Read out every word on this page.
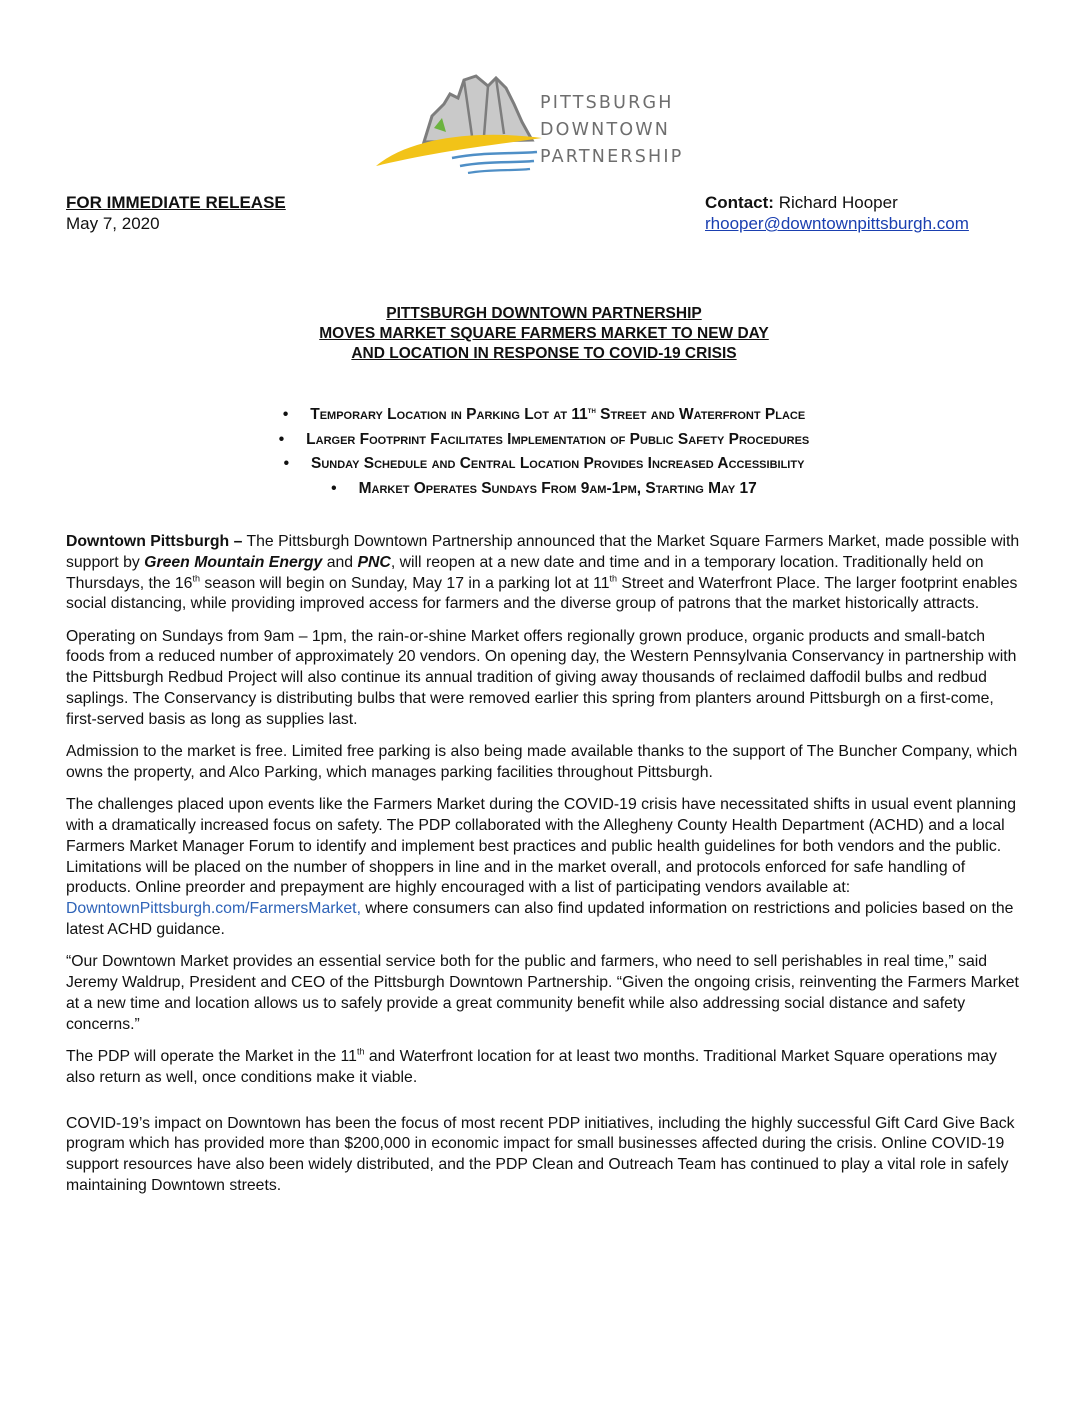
PITTSBURGH
DOWNTOWN
PARTNERSHIP
FOR IMMEDIATE RELEASE
May 7, 2020
Contact: Richard Hooper
rhooper@downtownpittsburgh.com
PITTSBURGH DOWNTOWN PARTNERSHIP
MOVES MARKET SQUARE FARMERS MARKET TO NEW DAY
AND LOCATION IN RESPONSE TO COVID-19 CRISIS
• Temporary Location in Parking Lot at 11th Street and Waterfront Place
• Larger Footprint Facilitates Implementation of Public Safety Procedures
• Sunday Schedule and Central Location Provides Increased Accessibility
• Market Operates Sundays From 9am-1pm, Starting May 17

Downtown Pittsburgh – The Pittsburgh Downtown Partnership announced that the Market Square Farmers Market, made possible with support by Green Mountain Energy and PNC, will reopen at a new date and time and in a temporary location. Traditionally held on Thursdays, the 16th season will begin on Sunday, May 17 in a parking lot at 11th Street and Waterfront Place. The larger footprint enables social distancing, while providing improved access for farmers and the diverse group of patrons that the market historically attracts.

Operating on Sundays from 9am – 1pm, the rain-or-shine Market offers regionally grown produce, organic products and small-batch foods from a reduced number of approximately 20 vendors. On opening day, the Western Pennsylvania Conservancy in partnership with the Pittsburgh Redbud Project will also continue its annual tradition of giving away thousands of reclaimed daffodil bulbs and redbud saplings. The Conservancy is distributing bulbs that were removed earlier this spring from planters around Pittsburgh on a first-come, first-served basis as long as supplies last.

Admission to the market is free. Limited free parking is also being made available thanks to the support of The Buncher Company, which owns the property, and Alco Parking, which manages parking facilities throughout Pittsburgh.

The challenges placed upon events like the Farmers Market during the COVID-19 crisis have necessitated shifts in usual event planning with a dramatically increased focus on safety. The PDP collaborated with the Allegheny County Health Department (ACHD) and a local Farmers Market Manager Forum to identify and implement best practices and public health guidelines for both vendors and the public. Limitations will be placed on the number of shoppers in line and in the market overall, and protocols enforced for safe handling of products. Online preorder and prepayment are highly encouraged with a list of participating vendors available at: DowntownPittsburgh.com/FarmersMarket, where consumers can also find updated information on restrictions and policies based on the latest ACHD guidance.

“Our Downtown Market provides an essential service both for the public and farmers, who need to sell perishables in real time,” said Jeremy Waldrup, President and CEO of the Pittsburgh Downtown Partnership. “Given the ongoing crisis, reinventing the Farmers Market at a new time and location allows us to safely provide a great community benefit while also addressing social distance and safety concerns.”

The PDP will operate the Market in the 11th and Waterfront location for at least two months. Traditional Market Square operations may also return as well, once conditions make it viable.

COVID-19’s impact on Downtown has been the focus of most recent PDP initiatives, including the highly successful Gift Card Give Back program which has provided more than $200,000 in economic impact for small businesses affected during the crisis. Online COVID-19 support resources have also been widely distributed, and the PDP Clean and Outreach Team has continued to play a vital role in safely maintaining Downtown streets.
